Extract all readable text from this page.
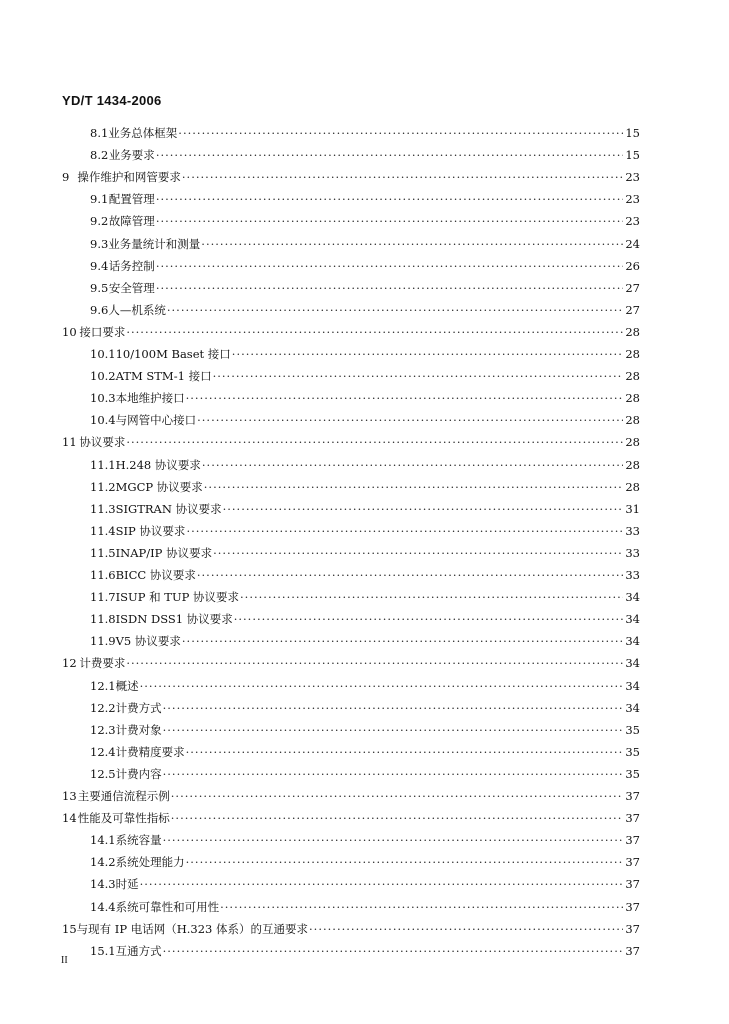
YD/T 1434-2006
8.1 业务总体框架 ·····	15
8.2 业务要求 ·····	15
9 操作维护和网管要求 ·····	23
9.1 配置管理 ·····	23
9.2 故障管理 ·····	23
9.3 业务量统计和测量 ·····	24
9.4 话务控制 ·····	26
9.5 安全管理 ·····	27
9.6 人—机系统 ·····	27
10 接口要求 ·····	28
10.1 10/100M Baset 接口 ·····	28
10.2 ATM STM-1 接口 ·····	28
10.3 本地维护接口 ·····	28
10.4 与网管中心接口 ·····	28
11 协议要求 ·····	28
11.1 H.248 协议要求 ·····	28
11.2 MGCP 协议要求 ·····	28
11.3 SIGTRAN 协议要求 ·····	31
11.4 SIP 协议要求 ·····	33
11.5 INAP/IP 协议要求 ·····	33
11.6 BICC 协议要求 ·····	33
11.7 ISUP 和 TUP 协议要求 ·····	34
11.8 ISDN DSS1 协议要求 ·····	34
11.9 V5 协议要求 ·····	34
12 计费要求 ·····	34
12.1 概述 ·····	34
12.2 计费方式 ·····	34
12.3 计费对象 ·····	35
12.4 计费精度要求 ·····	35
12.5 计费内容 ·····	35
13 主要通信流程示例 ·····	37
14 性能及可靠性指标 ·····	37
14.1 系统容量 ·····	37
14.2 系统处理能力 ·····	37
14.3 时延 ·····	37
14.4 系统可靠性和可用性 ·····	37
15 与现有 IP 电话网（H.323 体系）的互通要求 ·····	37
15.1 互通方式 ·····	37
II
